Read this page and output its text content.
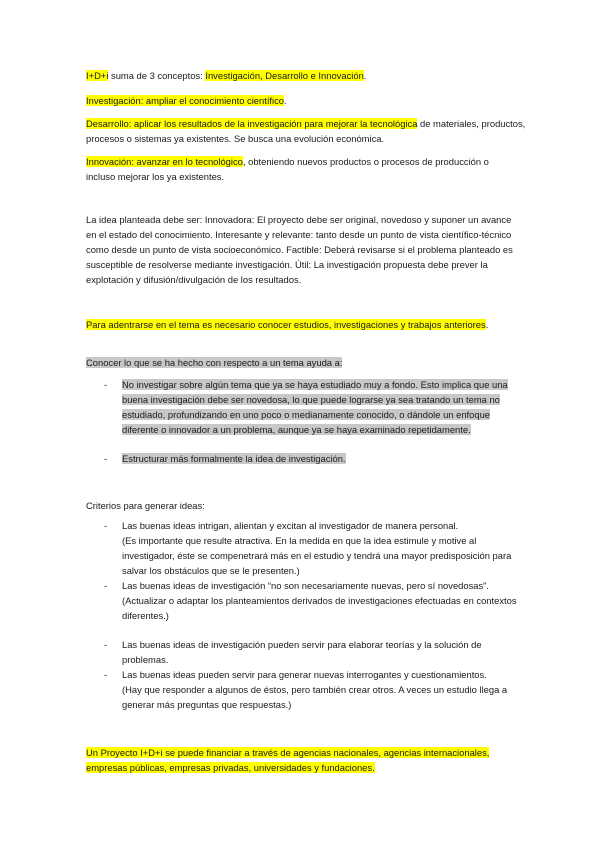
I+D+i suma de 3 conceptos: Investigación, Desarrollo e Innovación.

Investigación: ampliar el conocimiento científico.

Desarrollo: aplicar los resultados de la investigación para mejorar la tecnológica de materiales, productos, procesos o sistemas ya existentes. Se busca una evolución económica.

Innovación: avanzar en lo tecnológico, obteniendo nuevos productos o procesos de producción o incluso mejorar los ya existentes.

La idea planteada debe ser: Innovadora: El proyecto debe ser original, novedoso y suponer un avance en el estado del conocimiento. Interesante y relevante: tanto desde un punto de vista científico-técnico como desde un punto de vista socioeconómico. Factible: Deberá revisarse si el problema planteado es susceptible de resolverse mediante investigación. Útil: La investigación propuesta debe prever la explotación y difusión/divulgación de los resultados.

Para adentrarse en el tema es necesario conocer estudios, investigaciones y trabajos anteriores.

Conocer lo que se ha hecho con respecto a un tema ayuda a:

- No investigar sobre algún tema que ya se haya estudiado muy a fondo. Esto implica que una buena investigación debe ser novedosa, lo que puede lograrse ya sea tratando un tema no estudiado, profundizando en uno poco o medianamente conocido, o dándole un enfoque diferente o innovador a un problema, aunque ya se haya examinado repetidamente.
- Estructurar más formalmente la idea de investigación.

Criterios para generar ideas:

- Las buenas ideas intrigan, alientan y excitan al investigador de manera personal.
(Es importante que resulte atractiva. En la medida en que la idea estimule y motive al investigador, éste se compenetrará más en el estudio y tendrá una mayor predisposición para salvar los obstáculos que se le presenten.)
- Las buenas ideas de investigación “no son necesariamente nuevas, pero sí novedosas”.
(Actualizar o adaptar los planteamientos derivados de investigaciones efectuadas en contextos diferentes.)
- Las buenas ideas de investigación pueden servir para elaborar teorías y la solución de problemas.
- Las buenas ideas pueden servir para generar nuevas interrogantes y cuestionamientos.
(Hay que responder a algunos de éstos, pero también crear otros. A veces un estudio llega a generar más preguntas que respuestas.)

Un Proyecto I+D+i se puede financiar a través de agencias nacionales, agencias internacionales, empresas públicas, empresas privadas, universidades y fundaciones.
